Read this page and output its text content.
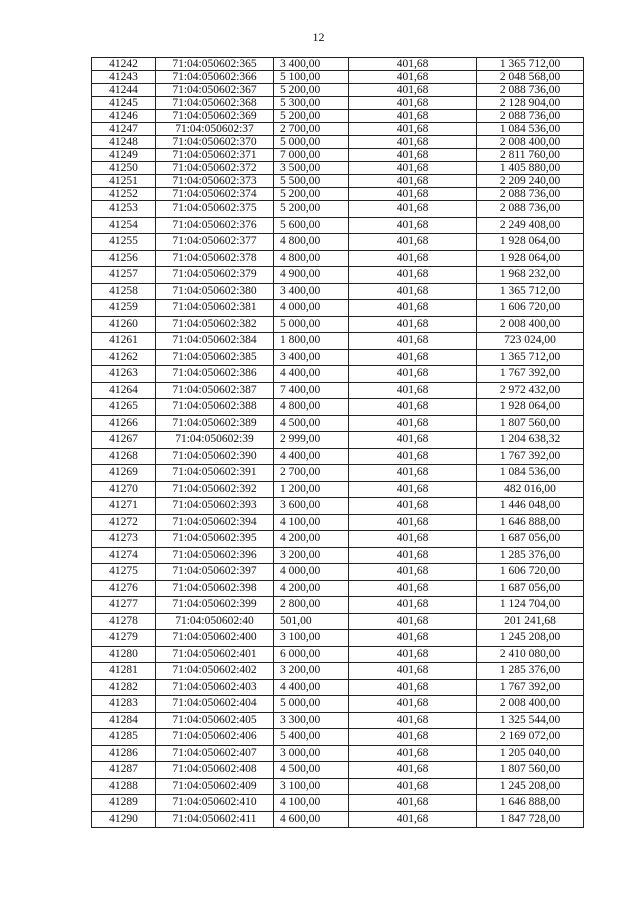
12
41242	71:04:050602:365	3 400,00	401,68	1 365 712,00
41243	71:04:050602:366	5 100,00	401,68	2 048 568,00
41244	71:04:050602:367	5 200,00	401,68	2 088 736,00
41245	71:04:050602:368	5 300,00	401,68	2 128 904,00
41246	71:04:050602:369	5 200,00	401,68	2 088 736,00
41247	71:04:050602:37	2 700,00	401,68	1 084 536,00
41248	71:04:050602:370	5 000,00	401,68	2 008 400,00
41249	71:04:050602:371	7 000,00	401,68	2 811 760,00
41250	71:04:050602:372	3 500,00	401,68	1 405 880,00
41251	71:04:050602:373	5 500,00	401,68	2 209 240,00
41252	71:04:050602:374	5 200,00	401,68	2 088 736,00
41253	71:04:050602:375	5 200,00	401,68	2 088 736,00
41254	71:04:050602:376	5 600,00	401,68	2 249 408,00
41255	71:04:050602:377	4 800,00	401,68	1 928 064,00
41256	71:04:050602:378	4 800,00	401,68	1 928 064,00
41257	71:04:050602:379	4 900,00	401,68	1 968 232,00
41258	71:04:050602:380	3 400,00	401,68	1 365 712,00
41259	71:04:050602:381	4 000,00	401,68	1 606 720,00
41260	71:04:050602:382	5 000,00	401,68	2 008 400,00
41261	71:04:050602:384	1 800,00	401,68	723 024,00
41262	71:04:050602:385	3 400,00	401,68	1 365 712,00
41263	71:04:050602:386	4 400,00	401,68	1 767 392,00
41264	71:04:050602:387	7 400,00	401,68	2 972 432,00
41265	71:04:050602:388	4 800,00	401,68	1 928 064,00
41266	71:04:050602:389	4 500,00	401,68	1 807 560,00
41267	71:04:050602:39	2 999,00	401,68	1 204 638,32
41268	71:04:050602:390	4 400,00	401,68	1 767 392,00
41269	71:04:050602:391	2 700,00	401,68	1 084 536,00
41270	71:04:050602:392	1 200,00	401,68	482 016,00
41271	71:04:050602:393	3 600,00	401,68	1 446 048,00
41272	71:04:050602:394	4 100,00	401,68	1 646 888,00
41273	71:04:050602:395	4 200,00	401,68	1 687 056,00
41274	71:04:050602:396	3 200,00	401,68	1 285 376,00
41275	71:04:050602:397	4 000,00	401,68	1 606 720,00
41276	71:04:050602:398	4 200,00	401,68	1 687 056,00
41277	71:04:050602:399	2 800,00	401,68	1 124 704,00
41278	71:04:050602:40	501,00	401,68	201 241,68
41279	71:04:050602:400	3 100,00	401,68	1 245 208,00
41280	71:04:050602:401	6 000,00	401,68	2 410 080,00
41281	71:04:050602:402	3 200,00	401,68	1 285 376,00
41282	71:04:050602:403	4 400,00	401,68	1 767 392,00
41283	71:04:050602:404	5 000,00	401,68	2 008 400,00
41284	71:04:050602:405	3 300,00	401,68	1 325 544,00
41285	71:04:050602:406	5 400,00	401,68	2 169 072,00
41286	71:04:050602:407	3 000,00	401,68	1 205 040,00
41287	71:04:050602:408	4 500,00	401,68	1 807 560,00
41288	71:04:050602:409	3 100,00	401,68	1 245 208,00
41289	71:04:050602:410	4 100,00	401,68	1 646 888,00
41290	71:04:050602:411	4 600,00	401,68	1 847 728,00
